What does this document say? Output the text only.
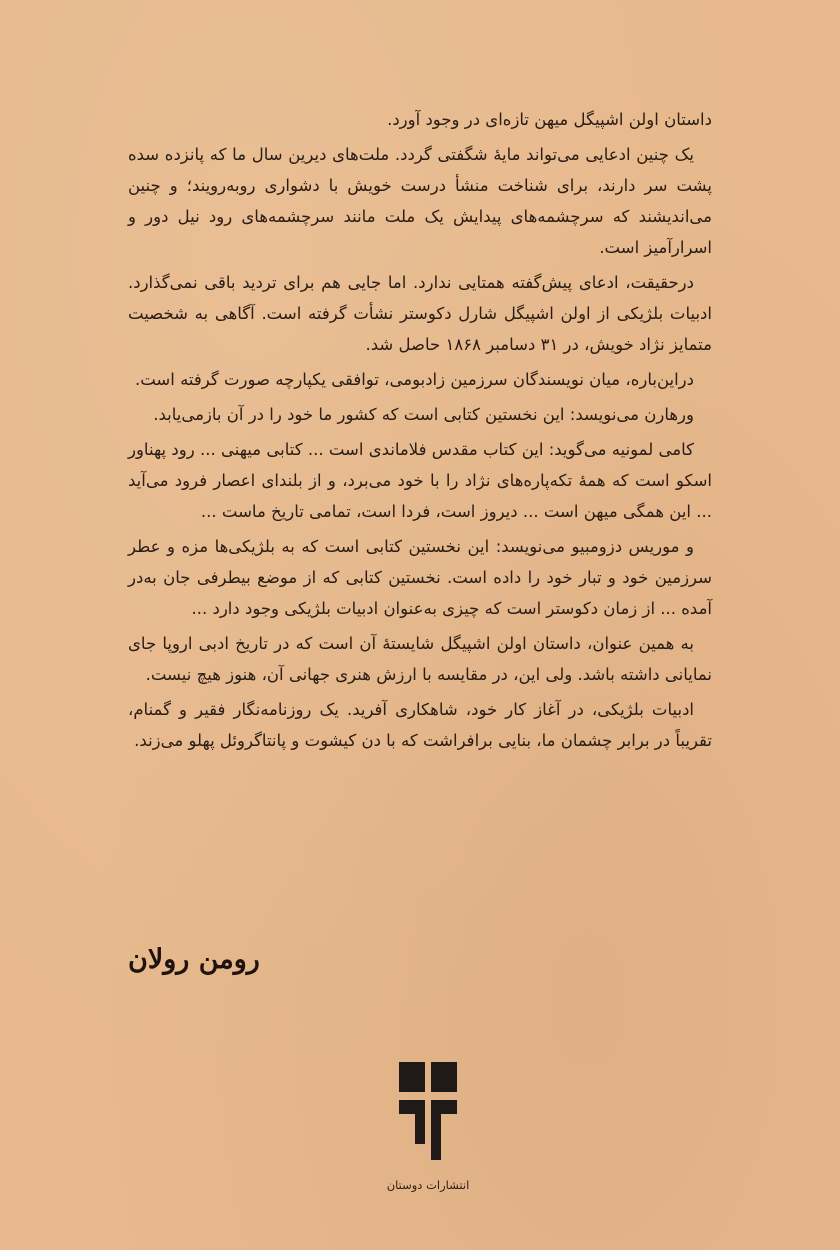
داستان اولن اشپیگل میهن تازه‌ای در وجود آورد.

یک چنین ادعایی می‌تواند مایهٔ شگفتی گردد. ملت‌های دیرین سال ما که پانزده سده پشت سر دارند، برای شناخت منشأ درست خویش با دشواری روبه‌رویند؛ و چنین می‌اندیشند که سرچشمه‌های پیدایش یک ملت مانند سرچشمه‌های رود نیل دور و اسرارآمیز است.

درحقیقت، ادعای پیش‌گفته همتایی ندارد. اما جایی هم برای تردید باقی نمی‌گذارد. ادبیات بلژیکی از اولن اشپیگل شارل دکوستر نشأت گرفته است. آگاهی به شخصیت متمایز نژاد خویش، در ۳۱ دسامبر ۱۸۶۸ حاصل شد.

دراین‌باره، میان نویسندگان سرزمین زادبومی، توافقی یکپارچه صورت گرفته است.

ورهارن می‌نویسد: این نخستین کتابی است که کشور ما خود را در آن بازمی‌یابد.

کامی لمونیه می‌گوید: این کتاب مقدس فلاماندی است ... کتابی میهنی ... رود پهناور اسکو است که همهٔ تکه‌پاره‌های نژاد را با خود می‌برد، و از بلندای اعصار فرود می‌آید ... این همگی میهن است ... دیروز است، فردا است، تمامی تاریخ ماست ...

و موریس دزومبیو می‌نویسد: این نخستین کتابی است که به بلژیکی‌ها مزه و عطر سرزمین خود و تبار خود را داده است. نخستین کتابی که از موضع بیطرفی جان به‌در آمده ... از زمان دکوستر است که چیزی به‌عنوان ادبیات بلژیکی وجود دارد ...

به همین عنوان، داستان اولن اشپیگل شایستهٔ آن است که در تاریخ ادبی اروپا جای نمایانی داشته باشد. ولی این، در مقایسه با ارزش هنری جهانی آن، هنوز هیچ نیست.

ادبیات بلژیکی، در آغاز کار خود، شاهکاری آفرید. یک روزنامه‌نگار فقیر و گمنام، تقریباً در برابر چشمان ما، بنایی برافراشت که با دن کیشوت و پانتاگروئل پهلو می‌زند.

رومن رولان
انتشارات دوستان
